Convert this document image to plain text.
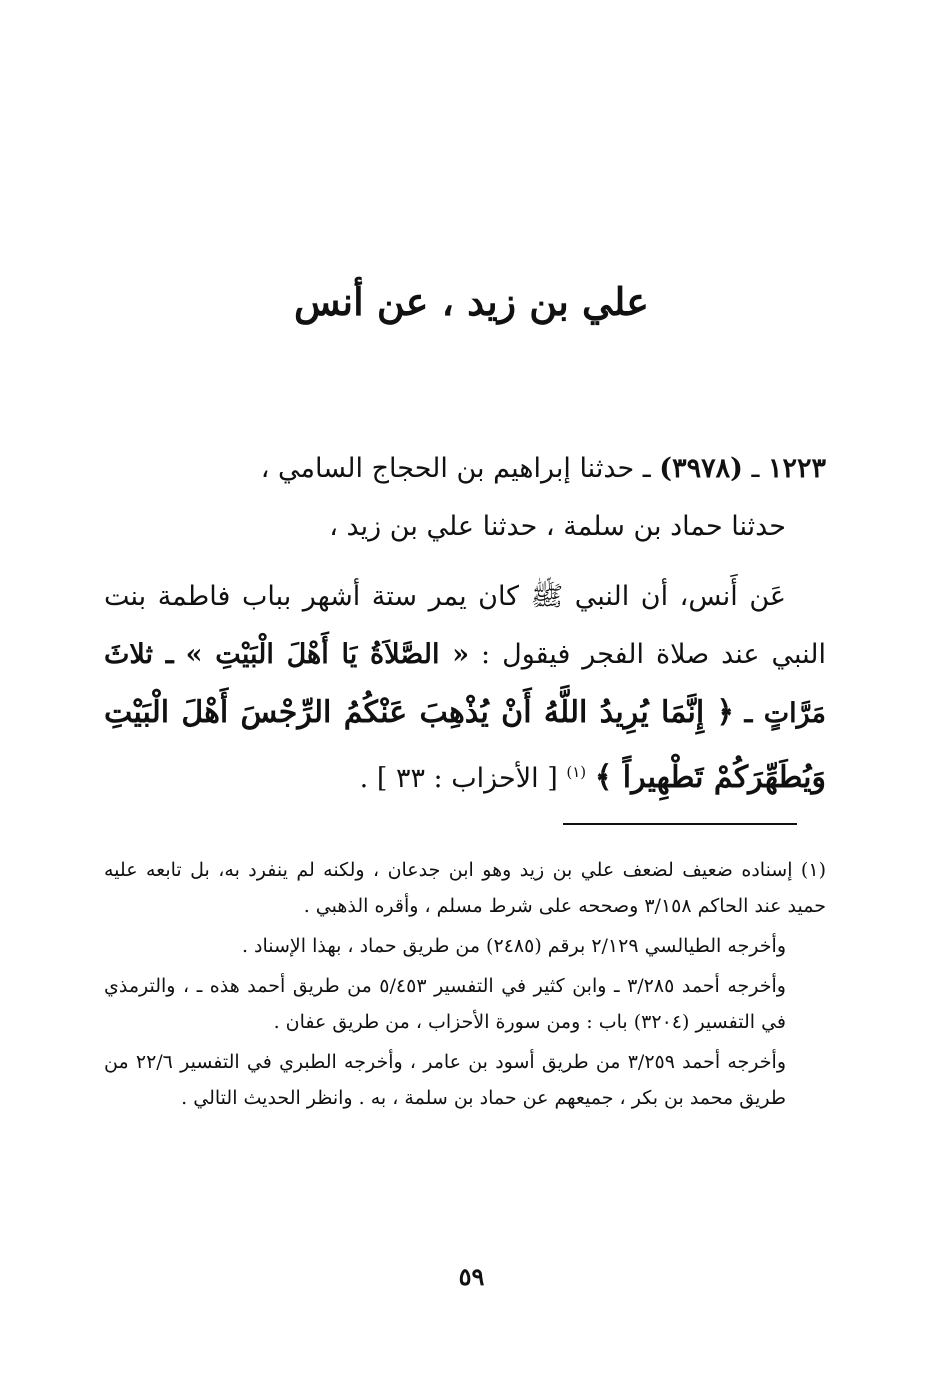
علي بن زيد ، عن أنس

١٢٢٣ ـ (٣٩٧٨) ـ حدثنا إبراهيم بن الحجاج السامي ،

حدثنا حماد بن سلمة ، حدثنا علي بن زيد ،

عَن أَنس، أن النبي ﷺ كان يمر ستة أشهر بباب فاطمة بنت النبي عند صلاة الفجر فيقول : « الصَّلاَةُ يَا أَهْلَ الْبَيْتِ » ـ ثلاثَ مَرَّاتٍ ـ ﴿ إِنَّمَا يُرِيدُ اللَّهُ أَنْ يُذْهِبَ عَنْكُمُ الرِّجْسَ أَهْلَ الْبَيْتِ وَيُطَهِّرَكُمْ تَطْهِيراً ﴾ $^{(١)}$ [ الأحزاب : ٣٣ ] .

(١) إسناده ضعيف لضعف علي بن زيد وهو ابن جدعان ، ولكنه لم ينفرد به، بل تابعه عليه حميد عند الحاكم ٣/١٥٨ وصححه على شرط مسلم ، وأقره الذهبي .

وأخرجه الطيالسي ٢/١٢٩ برقم (٢٤٨٥) من طريق حماد ، بهذا الإسناد .

وأخرجه أحمد ٣/٢٨٥ ـ وابن كثير في التفسير ٥/٤٥٣ من طريق أحمد هذه ـ ، والترمذي في التفسير (٣٢٠٤) باب : ومن سورة الأحزاب ، من طريق عفان .

وأخرجه أحمد ٣/٢٥٩ من طريق أسود بن عامر ، وأخرجه الطبري في التفسير ٢٢/٦ من طريق محمد بن بكر ، جميعهم عن حماد بن سلمة ، به . وانظر الحديث التالي .

٥٩
